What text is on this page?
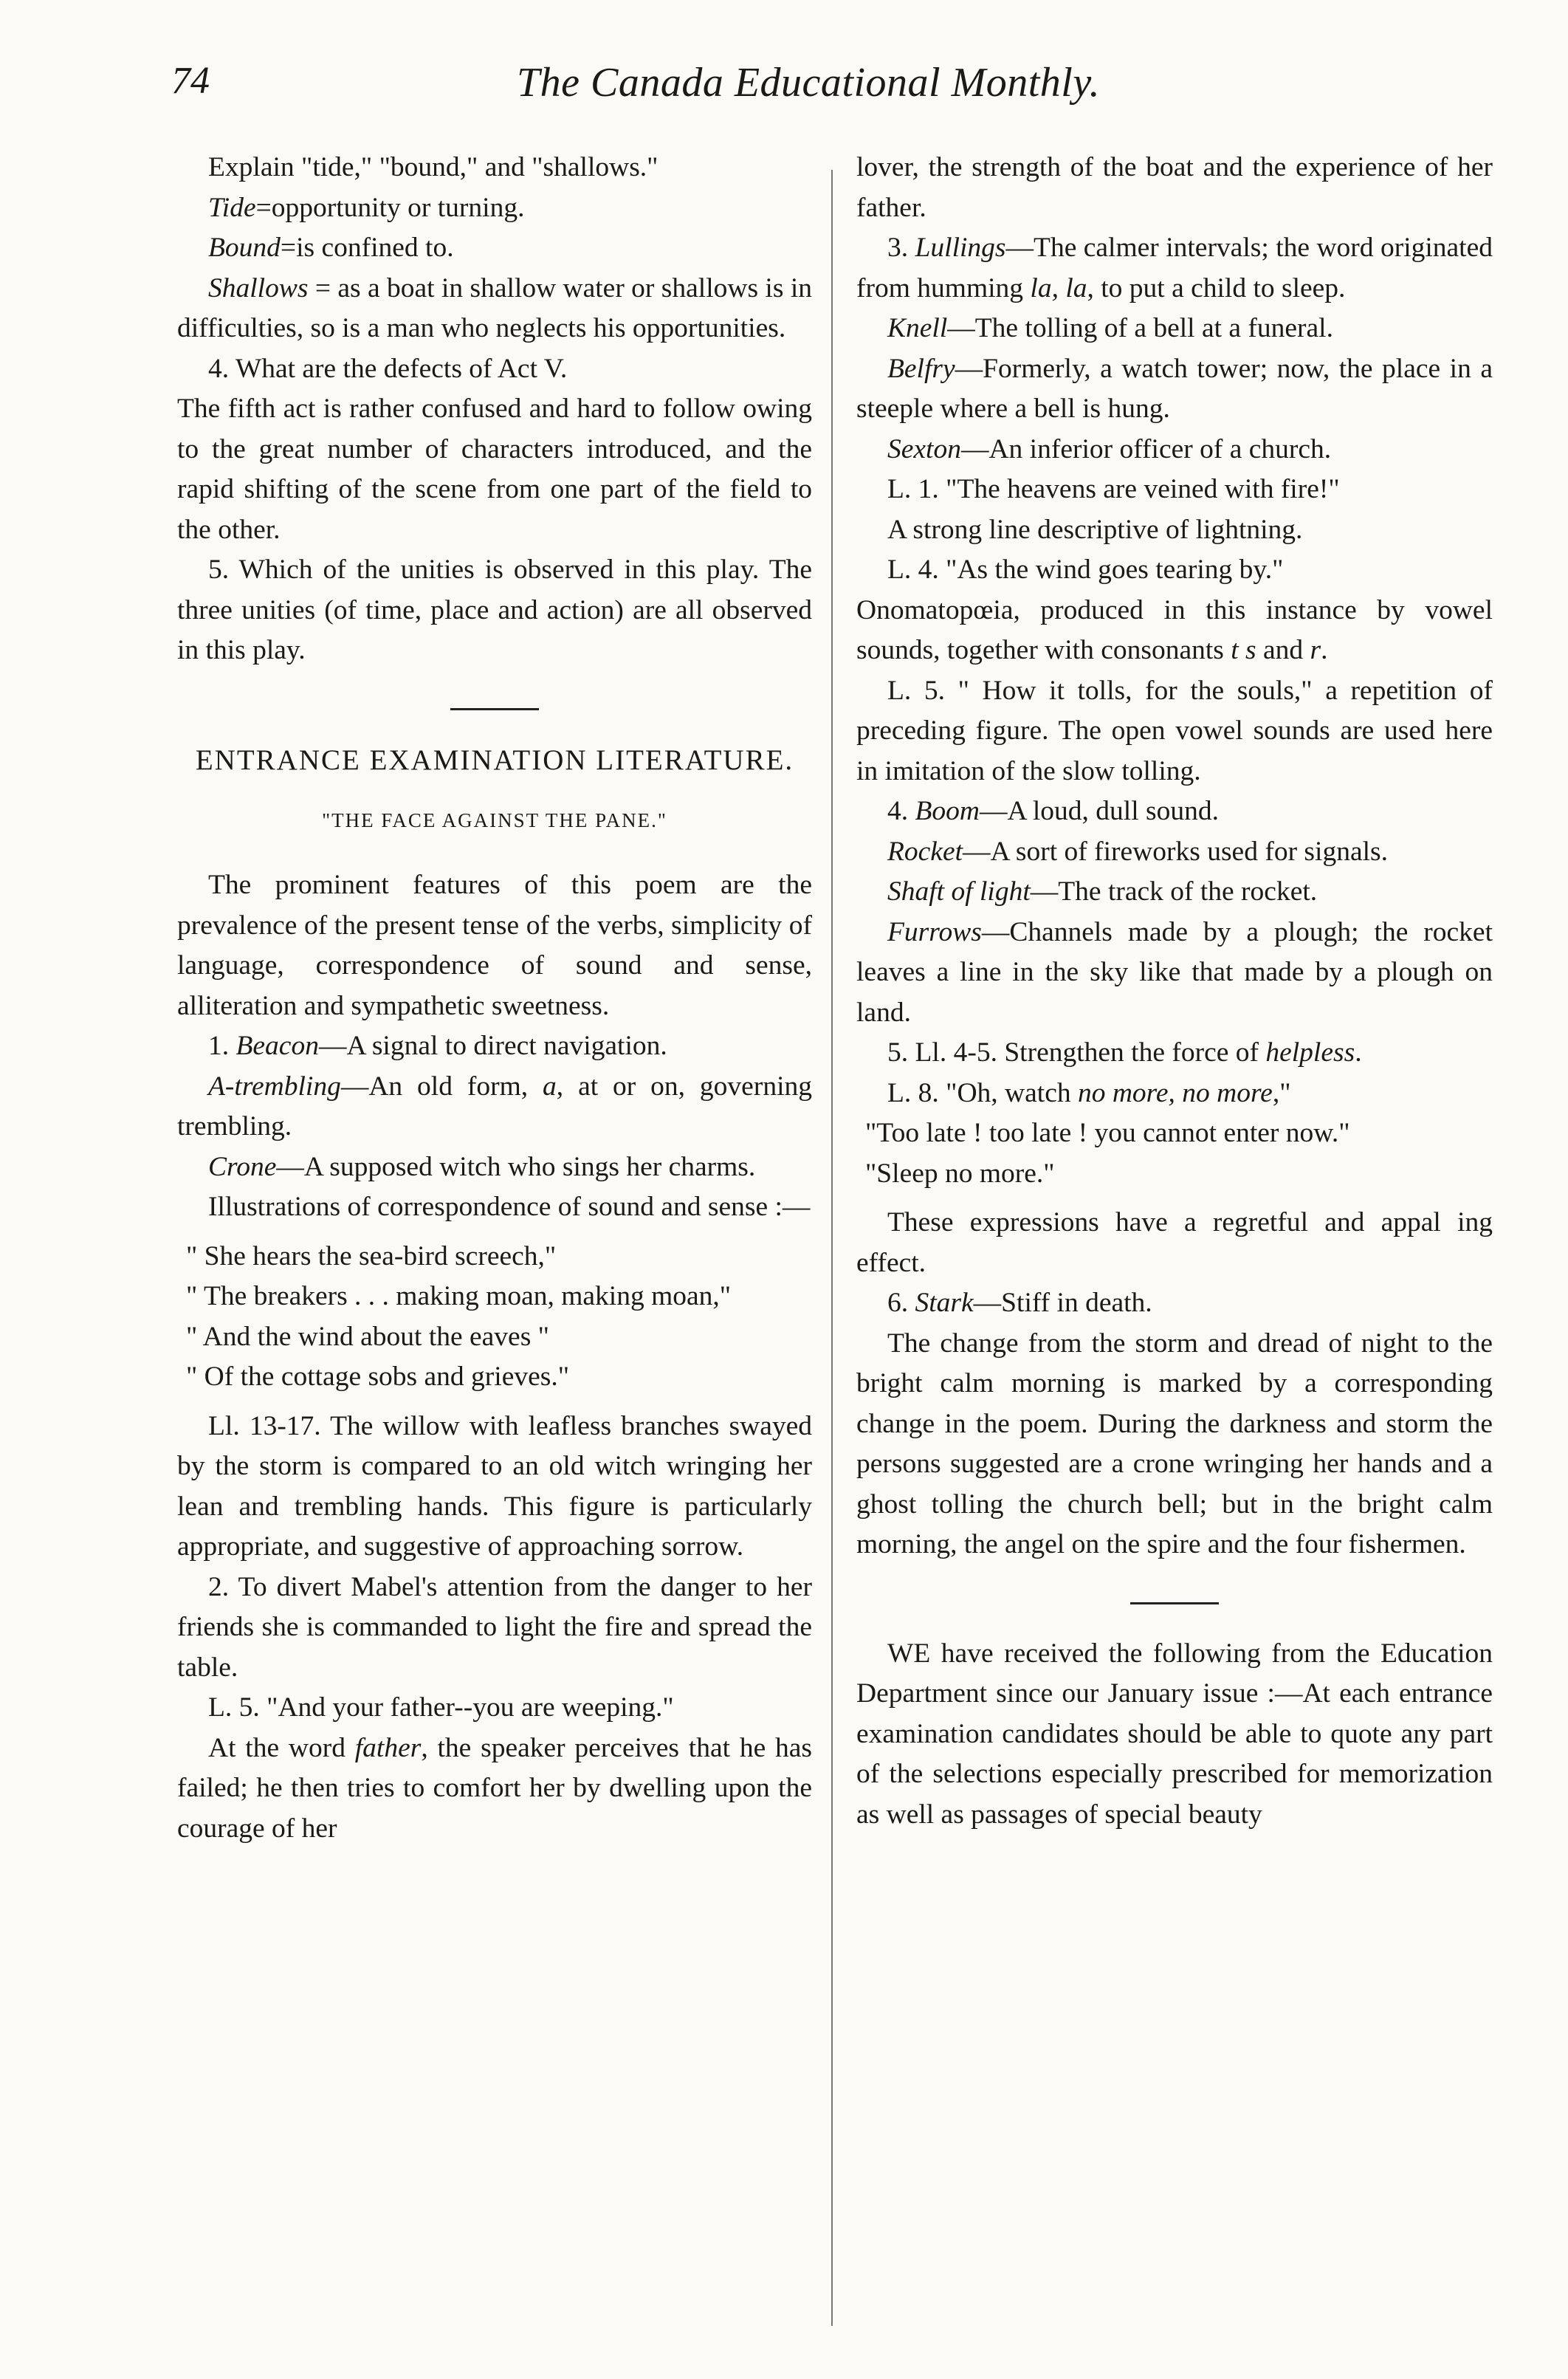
74	The Canada Educational Monthly.

Explain "tide," "bound," and "shallows."

Tide=opportunity or turning.

Bound=is confined to.

Shallows = as a boat in shallow water or shallows is in difficulties, so is a man who neglects his opportunities.

4. What are the defects of Act V.

The fifth act is rather confused and hard to follow owing to the great number of characters introduced, and the rapid shifting of the scene from one part of the field to the other.

5. Which of the unities is observed in this play. The three unities (of time, place and action) are all observed in this play.

ENTRANCE EXAMINATION LITERATURE.

"THE FACE AGAINST THE PANE."

The prominent features of this poem are the prevalence of the present tense of the verbs, simplicity of language, correspondence of sound and sense, alliteration and sympathetic sweetness.

1. Beacon—A signal to direct navigation.

A-trembling—An old form, a, at or on, governing trembling.

Crone—A supposed witch who sings her charms.

Illustrations of correspondence of sound and sense :—

" She hears the sea-bird screech,"

" The breakers . . . making moan, making moan,"

" And the wind about the eaves "

" Of the cottage sobs and grieves."

Ll. 13-17. The willow with leafless branches swayed by the storm is compared to an old witch wringing her lean and trembling hands. This figure is particularly appropriate, and suggestive of approaching sorrow.

2. To divert Mabel's attention from the danger to her friends she is commanded to light the fire and spread the table.

L. 5. "And your father--you are weeping."

At the word father, the speaker perceives that he has failed; he then tries to comfort her by dwelling upon the courage of her

lover, the strength of the boat and the experience of her father.

3. Lullings—The calmer intervals; the word originated from humming la, la, to put a child to sleep.

Knell—The tolling of a bell at a funeral.

Belfry—Formerly, a watch tower; now, the place in a steeple where a bell is hung.

Sexton—An inferior officer of a church.

L. 1. "The heavens are veined with fire!"

A strong line descriptive of lightning.

L. 4. "As the wind goes tearing by."

Onomatopœia, produced in this instance by vowel sounds, together with consonants t s and r.

L. 5. " How it tolls, for the souls," a repetition of preceding figure. The open vowel sounds are used here in imitation of the slow tolling.

4. Boom—A loud, dull sound.

Rocket—A sort of fireworks used for signals.

Shaft of light—The track of the rocket.

Furrows—Channels made by a plough; the rocket leaves a line in the sky like that made by a plough on land.

5. Ll. 4-5. Strengthen the force of helpless.

L. 8. "Oh, watch no more, no more,"

"Too late ! too late ! you cannot enter now."

"Sleep no more."

These expressions have a regretful and appal ing effect.

6. Stark—Stiff in death.

The change from the storm and dread of night to the bright calm morning is marked by a corresponding change in the poem. During the darkness and storm the persons suggested are a crone wringing her hands and a ghost tolling the church bell; but in the bright calm morning, the angel on the spire and the four fishermen.

WE have received the following from the Education Department since our January issue :—At each entrance examination candidates should be able to quote any part of the selections especially prescribed for memorization as well as passages of special beauty
